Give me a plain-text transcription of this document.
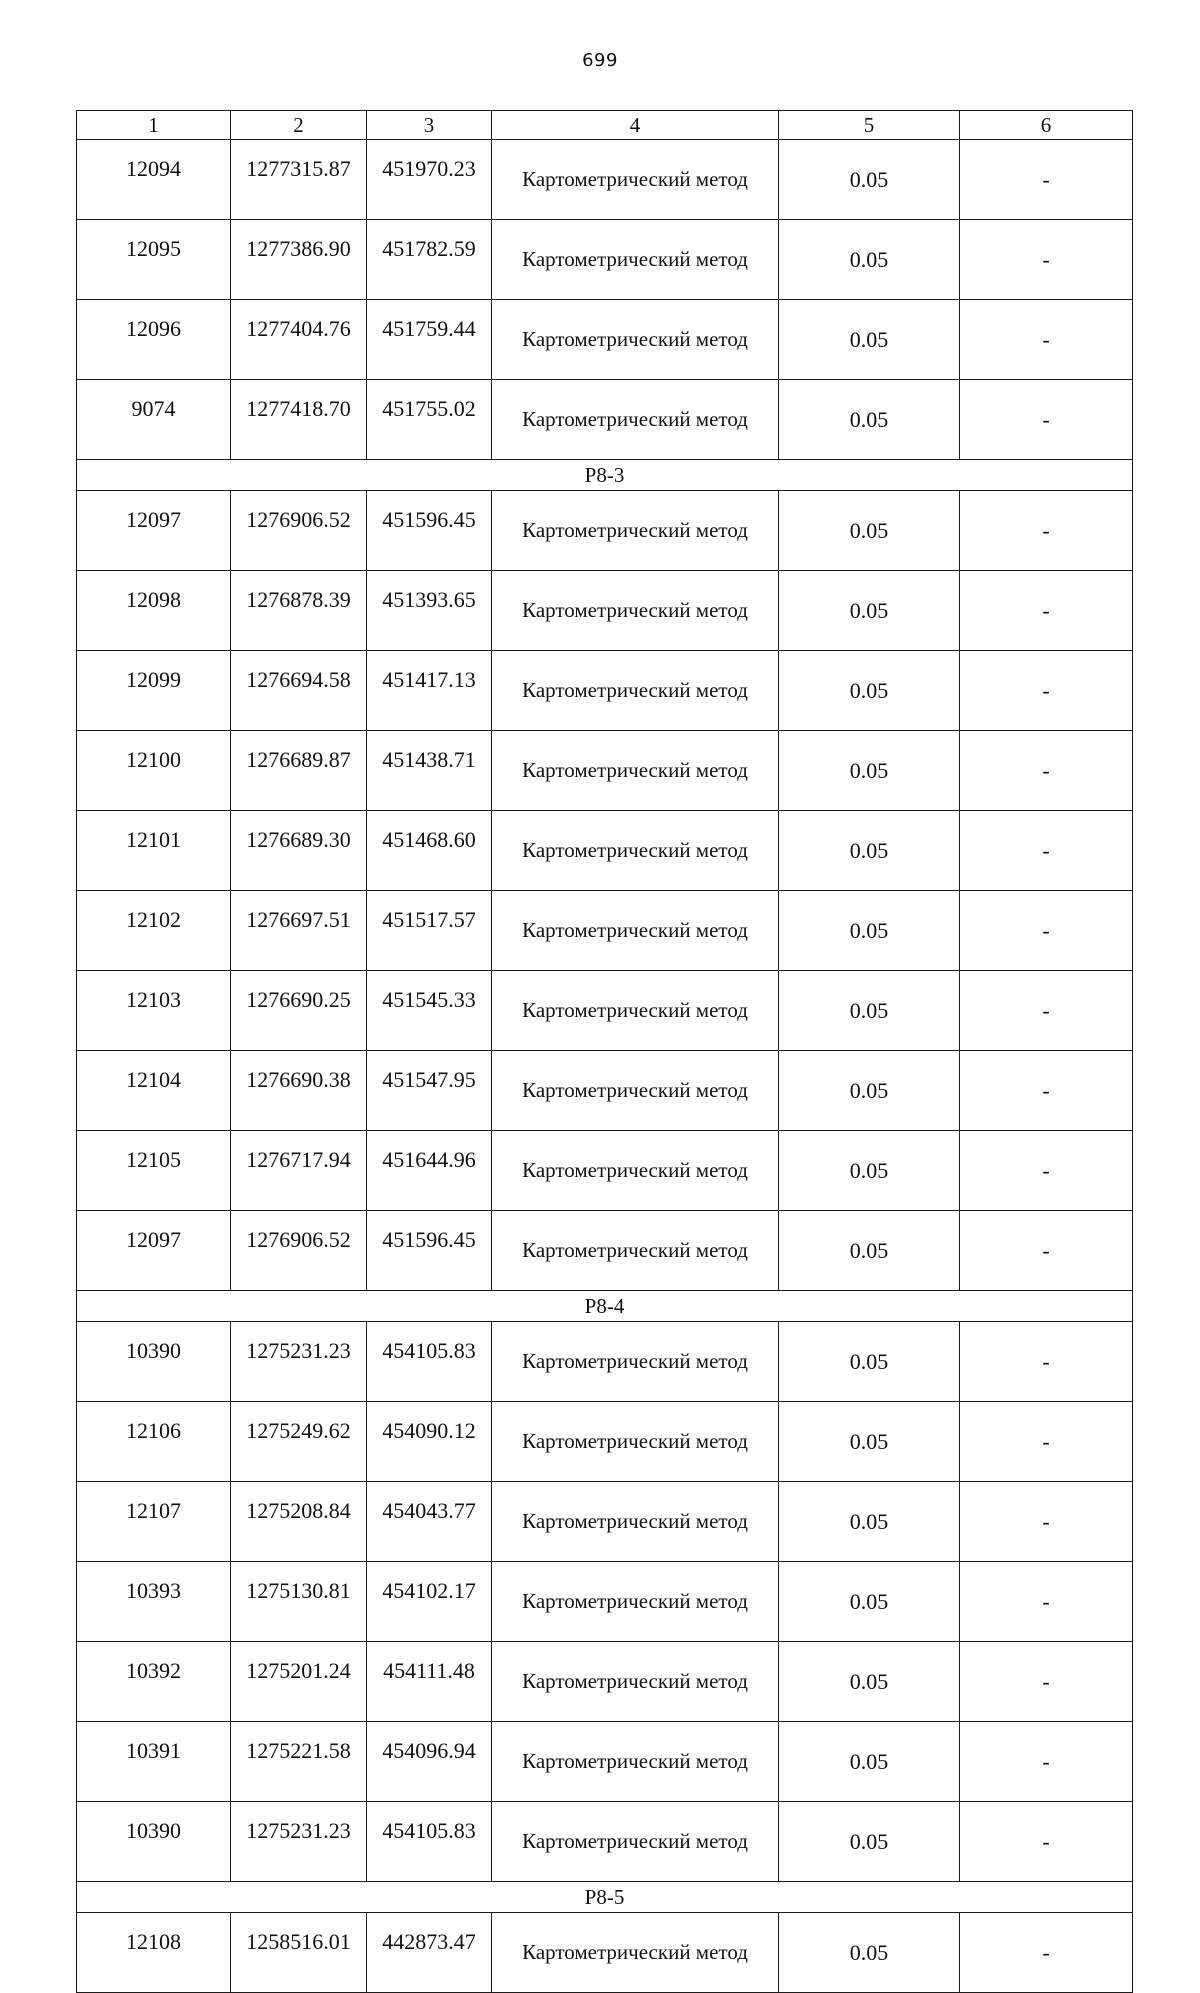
699
1	2	3	4	5	6
12094	1277315.87	451970.23	Картометрический метод	0.05	-
12095	1277386.90	451782.59	Картометрический метод	0.05	-
12096	1277404.76	451759.44	Картометрический метод	0.05	-
9074	1277418.70	451755.02	Картометрический метод	0.05	-
Р8-3					
12097	1276906.52	451596.45	Картометрический метод	0.05	-
12098	1276878.39	451393.65	Картометрический метод	0.05	-
12099	1276694.58	451417.13	Картометрический метод	0.05	-
12100	1276689.87	451438.71	Картометрический метод	0.05	-
12101	1276689.30	451468.60	Картометрический метод	0.05	-
12102	1276697.51	451517.57	Картометрический метод	0.05	-
12103	1276690.25	451545.33	Картометрический метод	0.05	-
12104	1276690.38	451547.95	Картометрический метод	0.05	-
12105	1276717.94	451644.96	Картометрический метод	0.05	-
12097	1276906.52	451596.45	Картометрический метод	0.05	-
Р8-4					
10390	1275231.23	454105.83	Картометрический метод	0.05	-
12106	1275249.62	454090.12	Картометрический метод	0.05	-
12107	1275208.84	454043.77	Картометрический метод	0.05	-
10393	1275130.81	454102.17	Картометрический метод	0.05	-
10392	1275201.24	454111.48	Картометрический метод	0.05	-
10391	1275221.58	454096.94	Картометрический метод	0.05	-
10390	1275231.23	454105.83	Картометрический метод	0.05	-
Р8-5					
12108	1258516.01	442873.47	Картометрический метод	0.05	-
